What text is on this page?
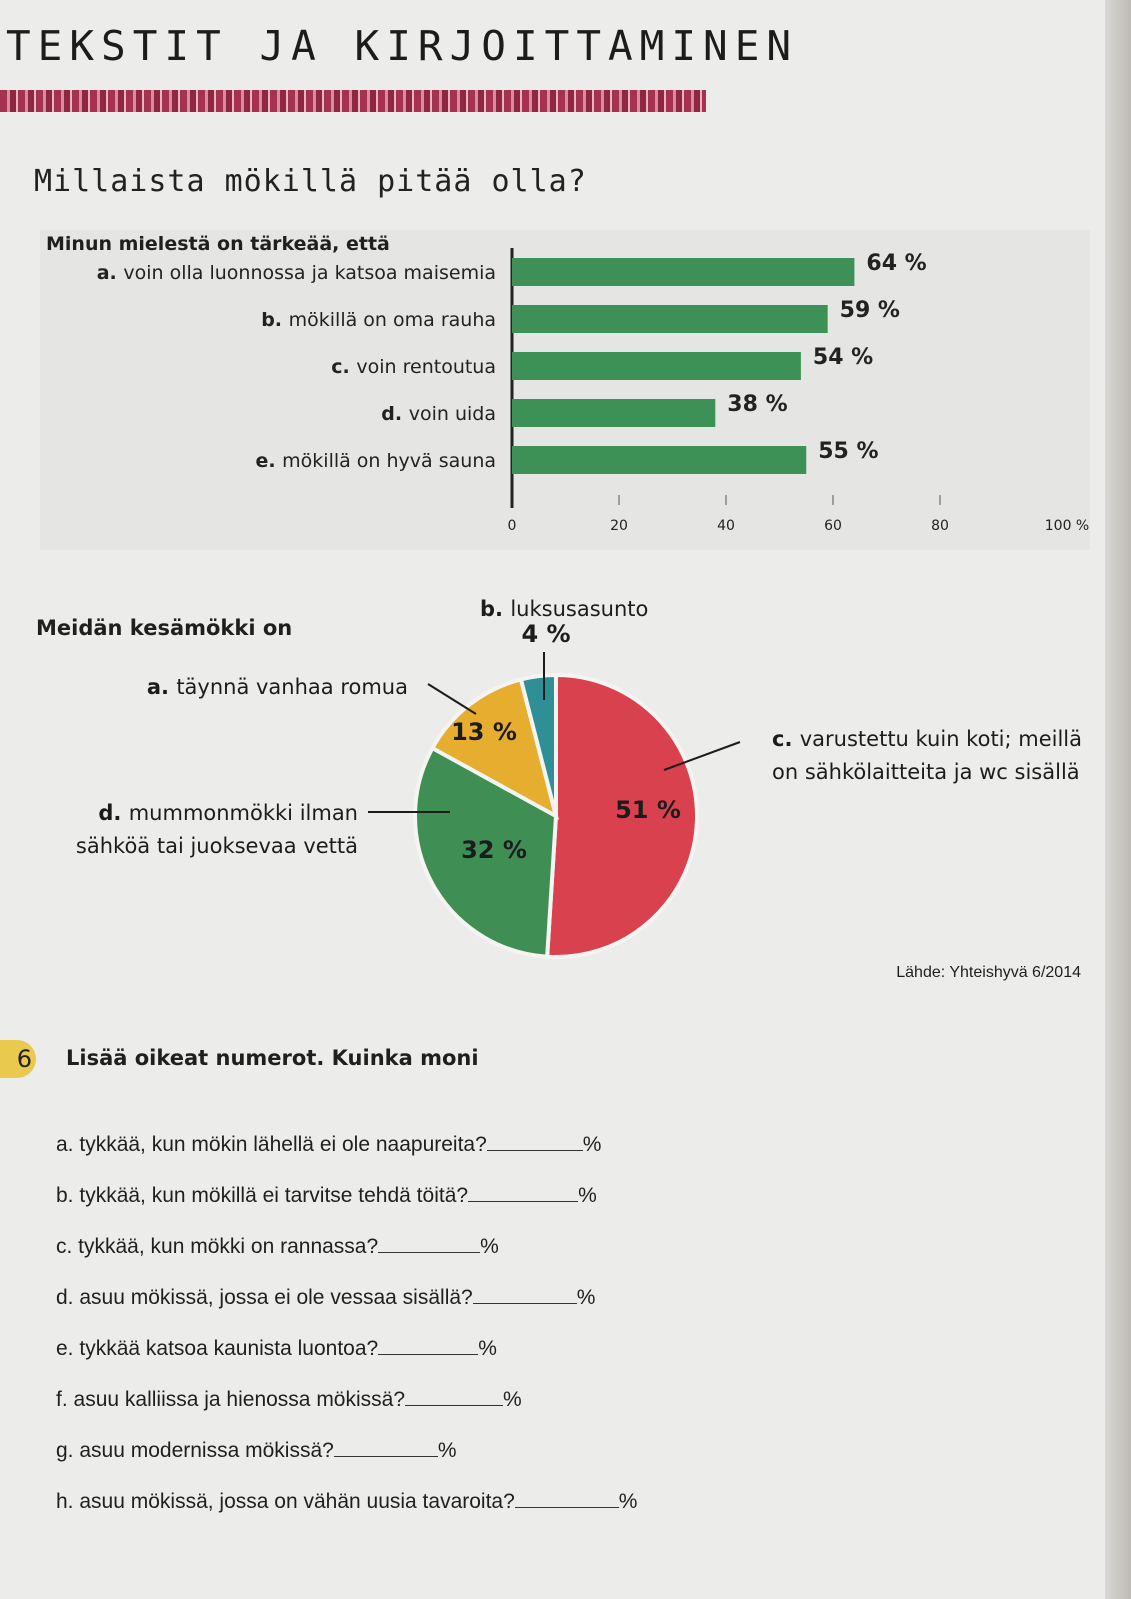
TEKSTIT JA KIRJOITTAMINEN
Millaista mökillä pitää olla?
Minun mielestä on tärkeää, että
a. voin olla luonnossa ja katsoa maisemia	64 %
b. mökillä on oma rauha	59 %
c. voin rentoutua	54 %
d. voin uida	38 %
e. mökillä on hyvä sauna	55 %
0	20	40	60	80	100 %
Meidän kesämökki on
51 %
32 %
13 %
4 %
c. varustettu kuin koti; meillä
on sähkölaitteita ja wc sisällä
d. mummonmökki ilman
sähköä tai juoksevaa vettä
a. täynnä vanhaa romua
b. luksusasunto
Lähde: Yhteishyvä 6/2014
6 Lisää oikeat numerot. Kuinka moni
a. tykkää, kun mökin lähellä ei ole naapureita?	%
b. tykkää, kun mökillä ei tarvitse tehdä töitä?	%
c. tykkää, kun mökki on rannassa?	%
d. asuu mökissä, jossa ei ole vessaa sisällä?	%
e. tykkää katsoa kaunista luontoa?	%
f. asuu kalliissa ja hienossa mökissä?	%
g. asuu modernissa mökissä?	%
h. asuu mökissä, jossa on vähän uusia tavaroita?	%
